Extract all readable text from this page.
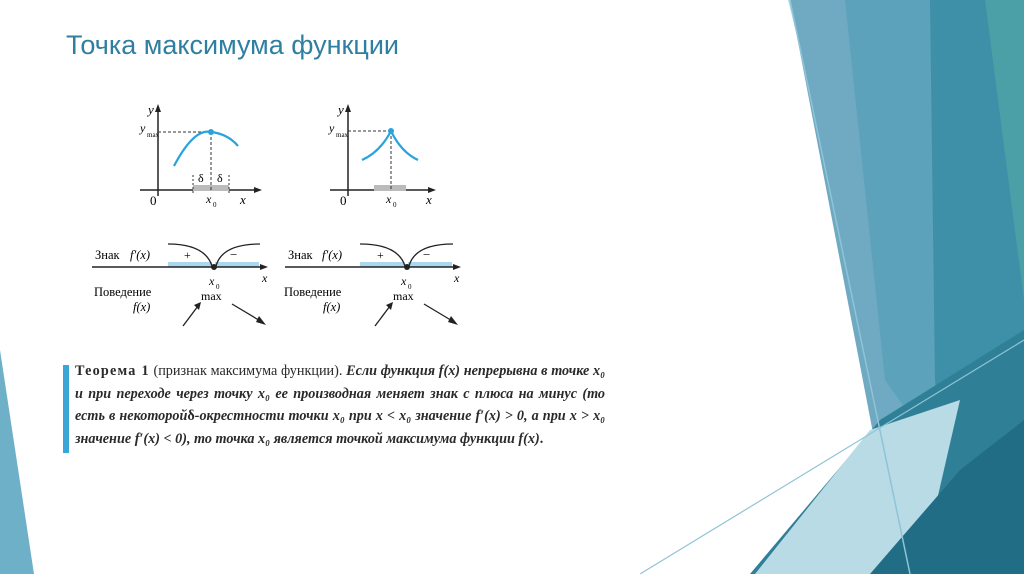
Точка максимума функции
y
y max
0
δ δ
x 0 x
y
y max
0	x 0 x
Знак f′(x)	+	−
x
x 0
max
Поведение
f(x)
Знак f′(x)	+	−
x
x 0
max
Поведение
f(x)
Теорема 1 (признак максимума функции). Если функция f(x) непрерывна в точке x₀ и при переходе через точку x₀ ее производная меняет знак с плюса на минус (то есть в некоторойδ-окрестности точки x₀ при x < x₀ значение f′(x) > 0, а при x > x₀ значение f′(x) < 0), то точка x₀ является точкой максимума функции f(x).
